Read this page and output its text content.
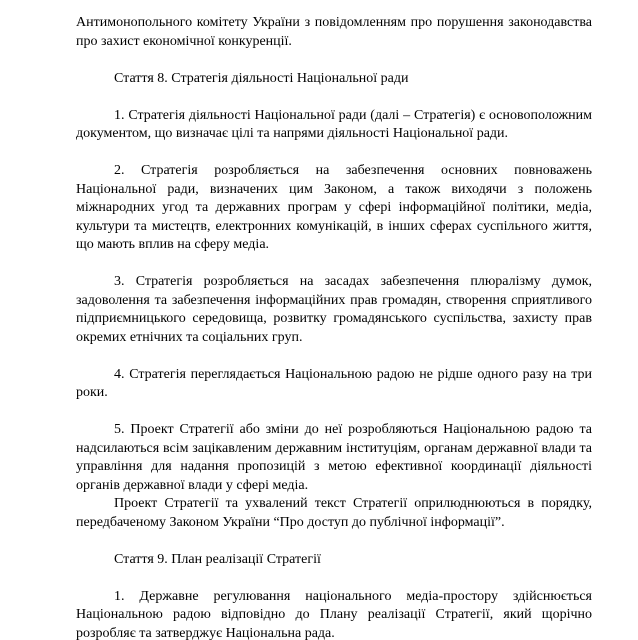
Антимонопольного комітету України з повідомленням про порушення законодавства про захист економічної конкуренції.

Стаття 8. Стратегія діяльності Національної ради

1. Стратегія діяльності Національної ради (далі – Стратегія) є основоположним документом, що визначає цілі та напрями діяльності Національної ради.

2. Стратегія розробляється на забезпечення основних повноважень Національної ради, визначених цим Законом, а також виходячи з положень міжнародних угод та державних програм у сфері інформаційної політики, медіа, культури та мистецтв, електронних комунікацій, в інших сферах суспільного життя, що мають вплив на сферу медіа.

3. Стратегія розробляється на засадах забезпечення плюралізму думок, задоволення та забезпечення інформаційних прав громадян, створення сприятливого підприємницького середовища, розвитку громадянського суспільства, захисту прав окремих етнічних та соціальних груп.

4. Стратегія переглядається Національною радою не рідше одного разу на три роки.

5. Проект Стратегії або зміни до неї розробляються Національною радою та надсилаються всім зацікавленим державним інституціям, органам державної влади та управління для надання пропозицій з метою ефективної координації діяльності органів державної влади у сфері медіа.

Проект Стратегії та ухвалений текст Стратегії оприлюднюються в порядку, передбаченому Законом України “Про доступ до публічної інформації”.

Стаття 9. План реалізації Стратегії

1. Державне регулювання національного медіа-простору здійснюється Національною радою відповідно до Плану реалізації Стратегії, який щорічно розробляє та затверджує Національна рада.
